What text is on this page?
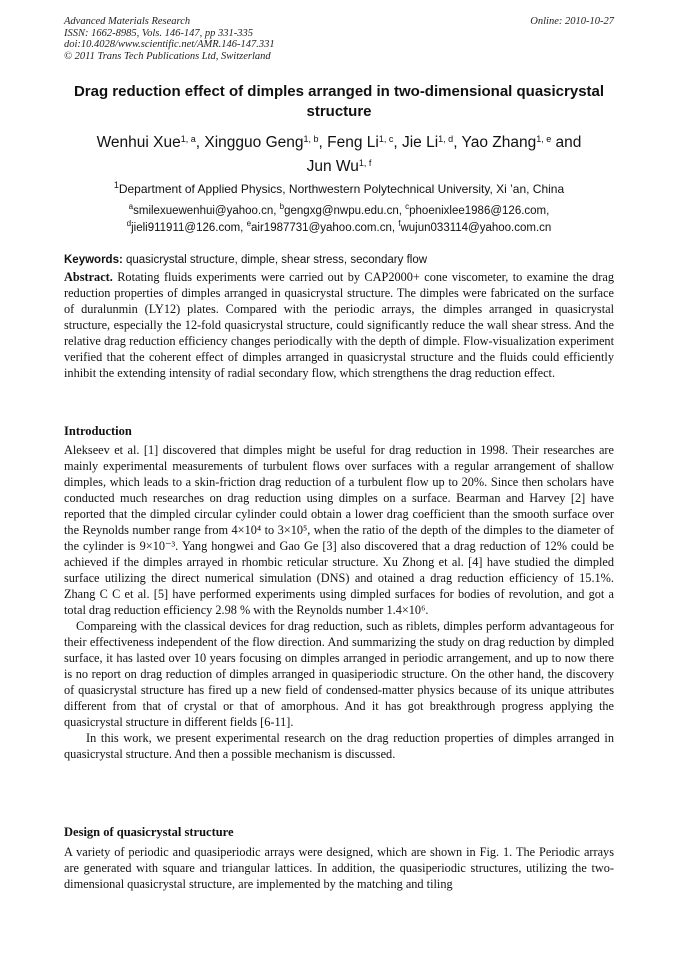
Advanced Materials Research
ISSN: 1662-8985, Vols. 146-147, pp 331-335
doi:10.4028/www.scientific.net/AMR.146-147.331
© 2011 Trans Tech Publications Ltd, Switzerland
Online: 2010-10-27
Drag reduction effect of dimples arranged in two-dimensional quasicrystal structure
Wenhui Xue$^{1, a}$, Xingguo Geng$^{1, b}$, Feng Li$^{1, c}$, Jie Li$^{1, d}$, Yao Zhang$^{1, e}$ and
Jun Wu$^{1, f}$
$^1$Department of Applied Physics, Northwestern Polytechnical University, Xi ’an, China
$^a$smilexuewenhui@yahoo.cn, $^b$gengxg@nwpu.edu.cn, $^c$phoenixlee1986@126.com,
$^d$jieli911911@126.com, $^e$air1987731@yahoo.com.cn, $^f$wujun033114@yahoo.com.cn
Keywords: quasicrystal structure, dimple, shear stress, secondary flow
Abstract. Rotating fluids experiments were carried out by CAP2000+ cone viscometer, to examine the drag reduction properties of dimples arranged in quasicrystal structure. The dimples were fabricated on the surface of duralunmin (LY12) plates. Compared with the periodic arrays, the dimples arranged in quasicrystal structure, especially the 12-fold quasicrystal structure, could significantly reduce the wall shear stress. And the relative drag reduction efficiency changes periodically with the depth of dimple. Flow-visualization experiment verified that the coherent effect of dimples arranged in quasicrystal structure and the fluids could efficiently inhibit the extending intensity of radial secondary flow, which strengthens the drag reduction effect.
Introduction

Alekseev et al. [1] discovered that dimples might be useful for drag reduction in 1998. Their researches are mainly experimental measurements of turbulent flows over surfaces with a regular arrangement of shallow dimples, which leads to a skin-friction drag reduction of a turbulent flow up to 20%. Since then scholars have conducted much researches on drag reduction using dimples on a surface. Bearman and Harvey [2] have reported that the dimpled circular cylinder could obtain a lower drag coefficient than the smooth surface over the Reynolds number range from 4×10⁴ to 3×10⁵, when the ratio of the depth of the dimples to the diameter of the cylinder is 9×10⁻³. Yang hongwei and Gao Ge [3] also discovered that a drag reduction of 12% could be achieved if the dimples arrayed in rhombic reticular structure. Xu Zhong et al. [4] have studied the dimpled surface utilizing the direct numerical simulation (DNS) and otained a drag reduction efficiency of 15.1%. Zhang C C et al. [5] have performed experiments using dimpled surfaces for bodies of revolution, and got a total drag reduction efficiency 2.98 % with the Reynolds number 1.4×10⁶.

Compareing with the classical devices for drag reduction, such as riblets, dimples perform advantageous for their effectiveness independent of the flow direction. And summarizing the study on drag reduction by dimpled surface, it has lasted over 10 years focusing on dimples arranged in periodic arrangement, and up to now there is no report on drag reduction of dimples arranged in quasiperiodic structure. On the other hand, the discovery of quasicrystal structure has fired up a new field of condensed-matter physics because of its unique attributes different from that of crystal or that of amorphous. And it has got breakthrough progress applying the quasicrystal structure in different fields [6-11].

In this work, we present experimental research on the drag reduction properties of dimples arranged in quasicrystal structure. And then a possible mechanism is discussed.

Design of quasicrystal structure

A variety of periodic and quasiperiodic arrays were designed, which are shown in Fig. 1. The Periodic arrays are generated with square and triangular lattices. In addition, the quasiperiodic structures, utilizing the two-dimensional quasicrystal structure, are implemented by the matching and tiling
